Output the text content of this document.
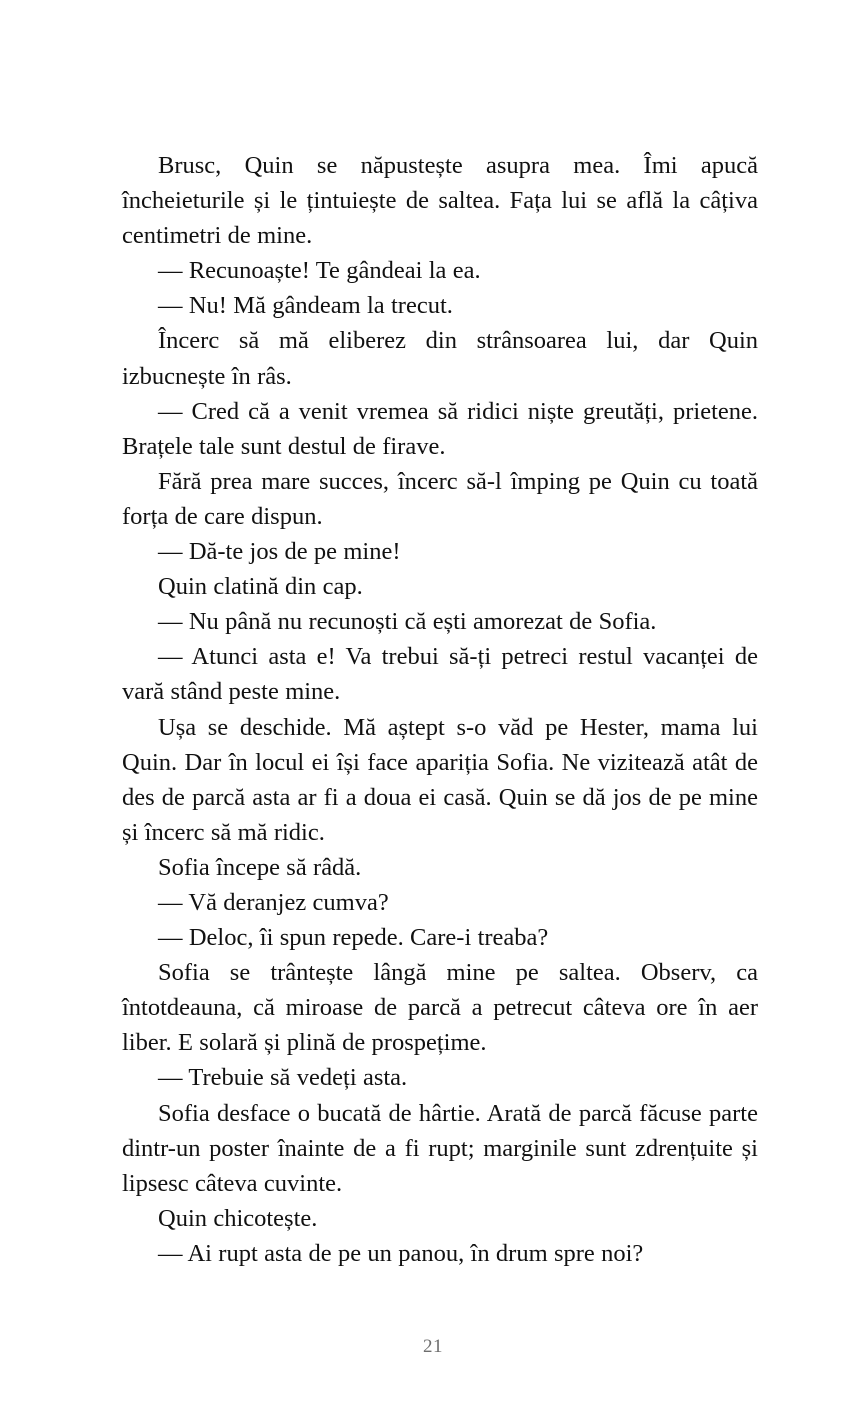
Brusc, Quin se năpustește asupra mea. Îmi apucă încheieturile și le țintuiește de saltea. Fața lui se află la câțiva centimetri de mine.

— Recunoaște! Te gândeai la ea.

— Nu! Mă gândeam la trecut.

Încerc să mă eliberez din strânsoarea lui, dar Quin izbucnește în râs.

— Cred că a venit vremea să ridici niște greutăți, prietene. Brațele tale sunt destul de firave.

Fără prea mare succes, încerc să-l împing pe Quin cu toată forța de care dispun.

— Dă-te jos de pe mine!

Quin clatină din cap.

— Nu până nu recunoști că ești amorezat de Sofia.

— Atunci asta e! Va trebui să-ți petreci restul vacanței de vară stând peste mine.

Ușa se deschide. Mă aștept s-o văd pe Hester, mama lui Quin. Dar în locul ei își face apariția Sofia. Ne vizitează atât de des de parcă asta ar fi a doua ei casă. Quin se dă jos de pe mine și încerc să mă ridic.

Sofia începe să râdă.

— Vă deranjez cumva?

— Deloc, îi spun repede. Care-i treaba?

Sofia se trântește lângă mine pe saltea. Observ, ca întotdeauna, că miroase de parcă a petrecut câteva ore în aer liber. E solară și plină de prospețime.

— Trebuie să vedeți asta.

Sofia desface o bucată de hârtie. Arată de parcă făcuse parte dintr-un poster înainte de a fi rupt; marginile sunt zdrențuite și lipsesc câteva cuvinte.

Quin chicotește.

— Ai rupt asta de pe un panou, în drum spre noi?

21
